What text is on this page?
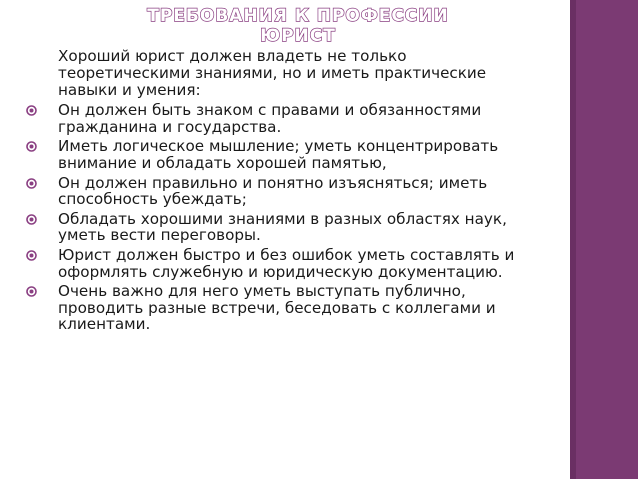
ТРЕБОВАНИЯ К ПРОФЕССИИ ЮРИСТ

Хороший юрист должен владеть не только теоретическими знаниями, но и иметь практические навыки и умения:

Он должен быть знаком с правами и обязанностями гражданина и государства.
Иметь логическое мышление; уметь концентрировать внимание и обладать хорошей памятью,
Он должен правильно и понятно изъясняться; иметь способность убеждать;
Обладать хорошими знаниями в разных областях наук, уметь вести переговоры.
Юрист должен быстро и без ошибок уметь составлять и оформлять служебную и юридическую документацию.
Очень важно для него уметь выступать публично, проводить разные встречи, беседовать с коллегами и клиентами.
